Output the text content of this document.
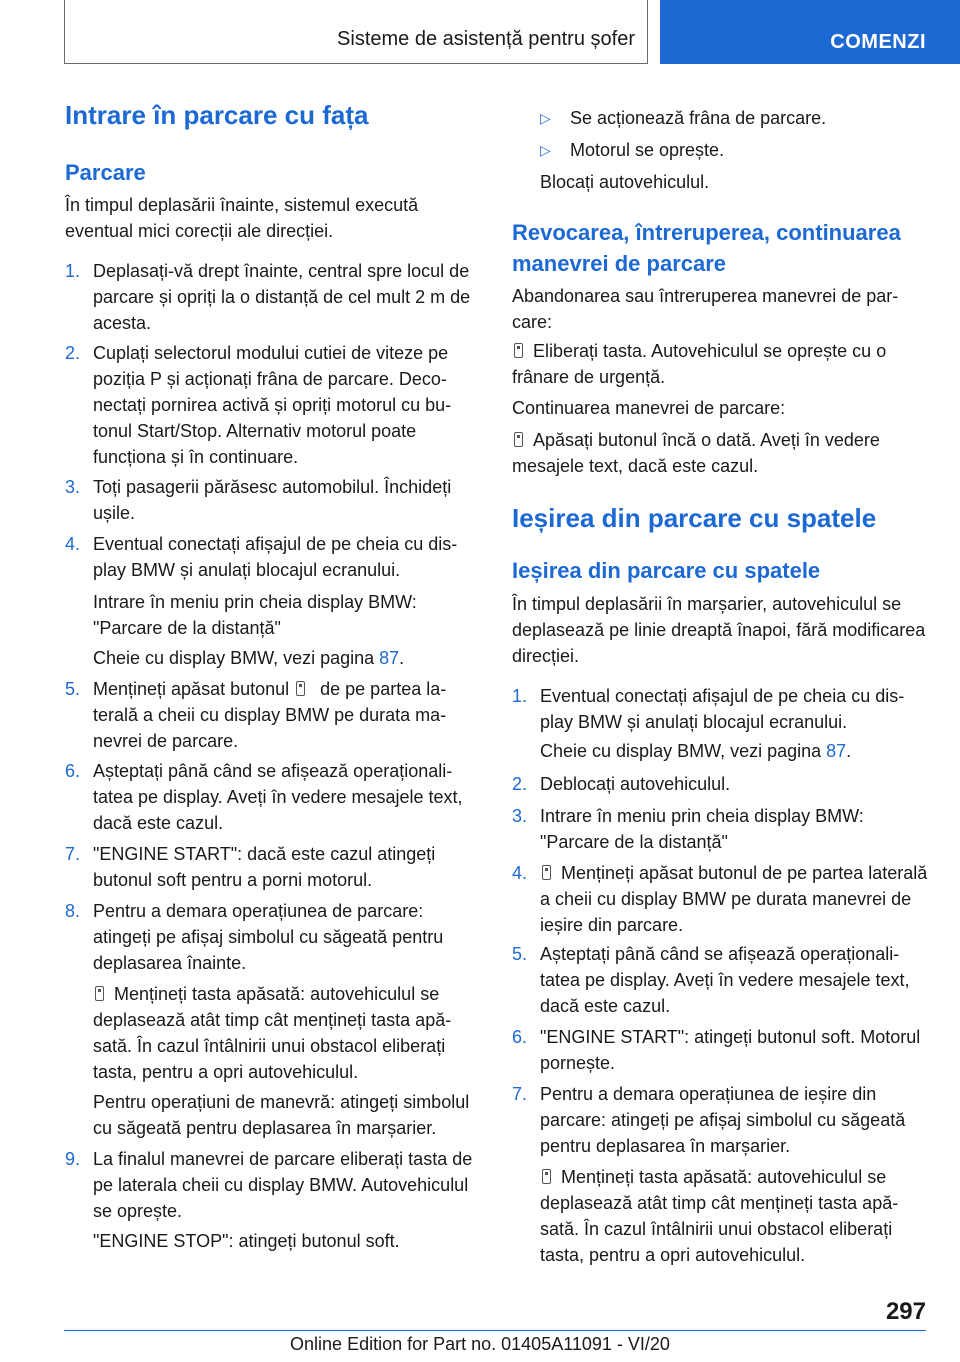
Sisteme de asistență pentru șofer	COMENZI
Intrare în parcare cu fața
Parcare
În timpul deplasării înainte, sistemul execută eventual mici corecții ale direcției.
1. Deplasați-vă drept înainte, central spre locul de parcare și opriți la o distanță de cel mult 2 m de acesta.
2. Cuplați selectorul modului cutiei de viteze pe poziția P și acționați frâna de parcare. Deconectați pornirea activă și opriți motorul cu butonul Start/Stop. Alternativ motorul poate funcționa și în continuare.
3. Toți pasagerii părăsesc automobilul. Închideți ușile.
4. Eventual conectați afișajul de pe cheia cu display BMW și anulați blocajul ecranului.
Intrare în meniu prin cheia display BMW: "Parcare de la distanță"
Cheie cu display BMW, vezi pagina 87.
5. Mențineți apăsat butonul  de pe partea laterală a cheii cu display BMW pe durata manevrei de parcare.
6. Așteptați până când se afișează operaționalitatea pe display. Aveți în vedere mesajele text, dacă este cazul.
7. "ENGINE START": dacă este cazul atingeți butonul soft pentru a porni motorul.
8. Pentru a demara operațiunea de parcare: atingeți pe afișaj simbolul cu săgeată pentru deplasarea înainte.
Mențineți tasta apăsată: autovehiculul se deplasează atât timp cât mențineți tasta apăsată. În cazul întâlnirii unui obstacol eliberați tasta, pentru a opri autovehiculul.
Pentru operațiuni de manevră: atingeți simbolul cu săgeată pentru deplasarea în marșarier.
9. La finalul manevrei de parcare eliberați tasta de pe laterala cheii cu display BMW. Autovehiculul se oprește.
"ENGINE STOP": atingeți butonul soft.
▷ Se acționează frâna de parcare.
▷ Motorul se oprește.
Blocați autovehiculul.
Revocarea, întreruperea, continuarea manevrei de parcare
Abandonarea sau întreruperea manevrei de parcare:
Eliberați tasta. Autovehiculul se oprește cu o frânare de urgență.
Continuarea manevrei de parcare:
Apăsați butonul încă o dată. Aveți în vedere mesajele text, dacă este cazul.
Ieșirea din parcare cu spatele
Ieșirea din parcare cu spatele
În timpul deplasării în marșarier, autovehiculul se deplasează pe linie dreaptă înapoi, fără modificarea direcției.
1. Eventual conectați afișajul de pe cheia cu display BMW și anulați blocajul ecranului.
Cheie cu display BMW, vezi pagina 87.
2. Deblocați autovehiculul.
3. Intrare în meniu prin cheia display BMW: "Parcare de la distanță"
4.	Mențineți apăsat butonul de pe partea laterală a cheii cu display BMW pe durata manevrei de ieșire din parcare.
5. Așteptați până când se afișează operaționalitatea pe display. Aveți în vedere mesajele text, dacă este cazul.
6. "ENGINE START": atingeți butonul soft. Motorul pornește.
7. Pentru a demara operațiunea de ieșire din parcare: atingeți pe afișaj simbolul cu săgeată pentru deplasarea în marșarier.
Mențineți tasta apăsată: autovehiculul se deplasează atât timp cât mențineți tasta apăsată. În cazul întâlnirii unui obstacol eliberați tasta, pentru a opri autovehiculul.
297
Online Edition for Part no. 01405A11091 - VI/20
